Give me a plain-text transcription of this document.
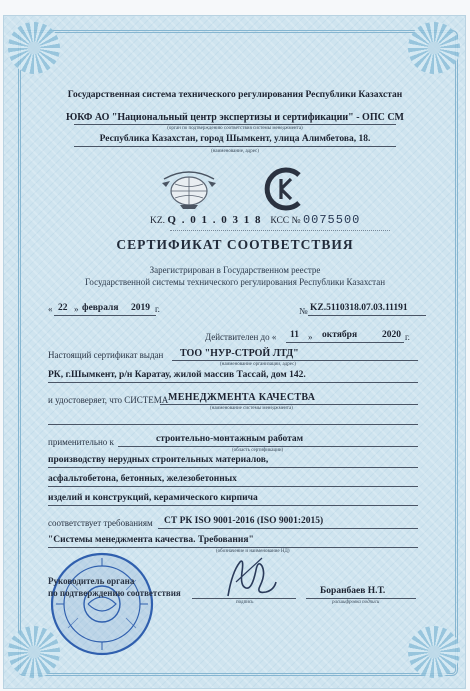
Государственная система технического регулирования Республики Казахстан
ЮКФ АО "Национальный центр экспертизы и сертификации" - ОПС СМ
(орган по подтверждению соответствия системы менеджмента)
Республика Казахстан, город Шымкент, улица Алимбетова, 18.
(наименование, адрес)
KZ. Q . 0 1 . 0 3 1 8 КСС № 0075500
СЕРТИФИКАТ СООТВЕТСТВИЯ
Зарегистрирован в Государственном реестре
Государственной системы технического регулирования Республики Казахстан
« 22 » февраля 2019 г.	№ KZ.5110318.07.03.11191
Действителен до « 11 » октября	2020 г.
Настоящий сертификат выдан ТОО "НУР-СТРОЙ ЛТД"
(наименование организации, адрес)
РК, г.Шымкент, р/н Каратау, жилой массив Тассай, дом 142.
и удостоверяет, что СИСТЕМА МЕНЕДЖМЕНТА КАЧЕСТВА
(наименование системы менеджмента)
применительно к	строительно-монтажным работам
(область сертификации)
производству нерудных строительных материалов,
асфальтобетона, бетонных, железобетонных
изделий и конструкций, керамического кирпича
соответствует требованиям СТ РК ISO 9001-2016 (ISO 9001:2015)
"Системы менеджмента качества. Требования"
(обозначение и наименование НД)
Руководитель органа
по подтверждению соответствия
подпись
Боранбаев Н.Т.
расшифровка подписи
